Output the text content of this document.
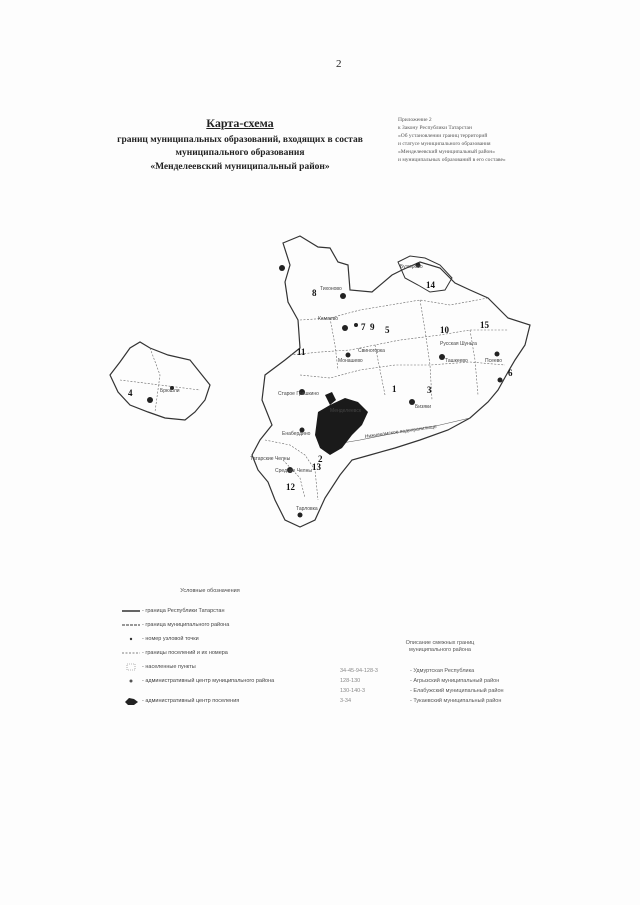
2
Карта-схема
границ муниципальных образований, входящих в состав
муниципального образования
«Менделеевский муниципальный район»
Приложение 2
к Закону Республики Татарстан
«Об установлении границ территорий
и статусе муниципального образования
«Менделеевский муниципальный район»
и муниципальных образований в его составе»
1
2
3
4
5
6
7
8
9	10
11
12
13
14
15
Менделеевск
Тихоново
Камаево
Бизяки
Ташкеево	Псеево
Старое Гришкино
Енабердино
Татарские Челны
Монашево
Брюшли
Свиногорка
Русская Шуньга
Средние Челны
Тарловка
Бузюрово
Нижнекамское водохранилище
Условные обозначения
- граница Республики Татарстан
- граница муниципального района
- номер узловой точки
- границы поселений и их номера
- населенные пункты
- административный центр муниципального района
- административный центр поселения
Описание смежных границ
муниципального района
34-45-94-128-3	- Удмуртская Республика
128-130	- Агрызский муниципальный район
130-140-3	- Елабужский муниципальный район
3-34	- Тукаевский муниципальный район
